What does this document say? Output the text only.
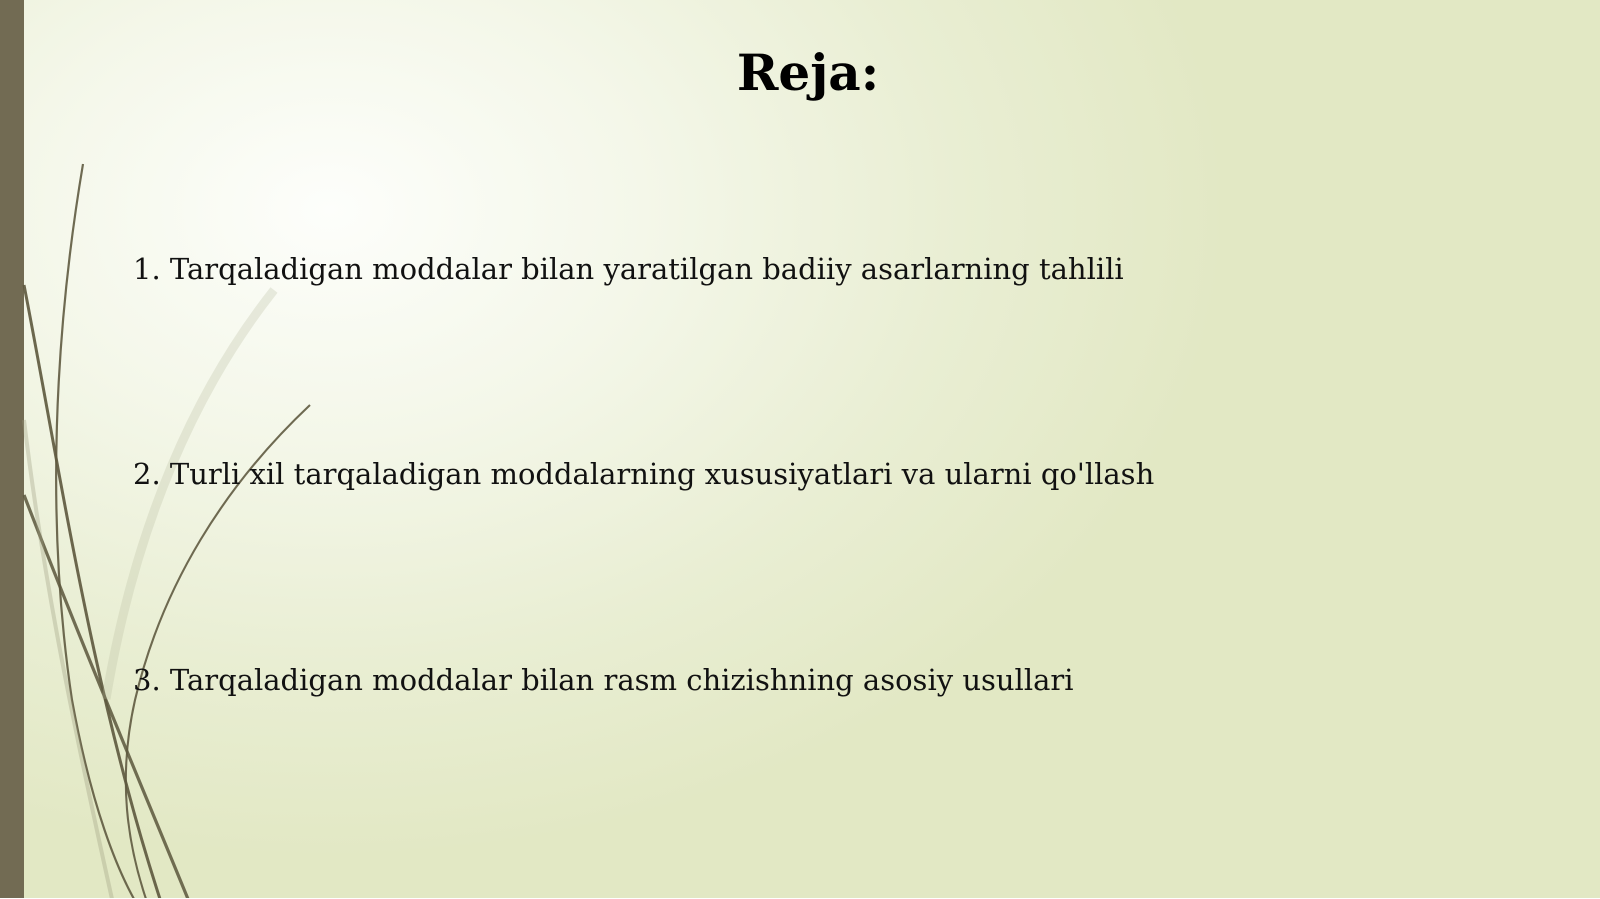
Reja:
1. Tarqaladigan moddalar bilan yaratilgan badiiy asarlarning tahlili
2. Turli xil tarqaladigan moddalarning xususiyatlari va ularni qo'llash
3. Tarqaladigan moddalar bilan rasm chizishning asosiy usullari
